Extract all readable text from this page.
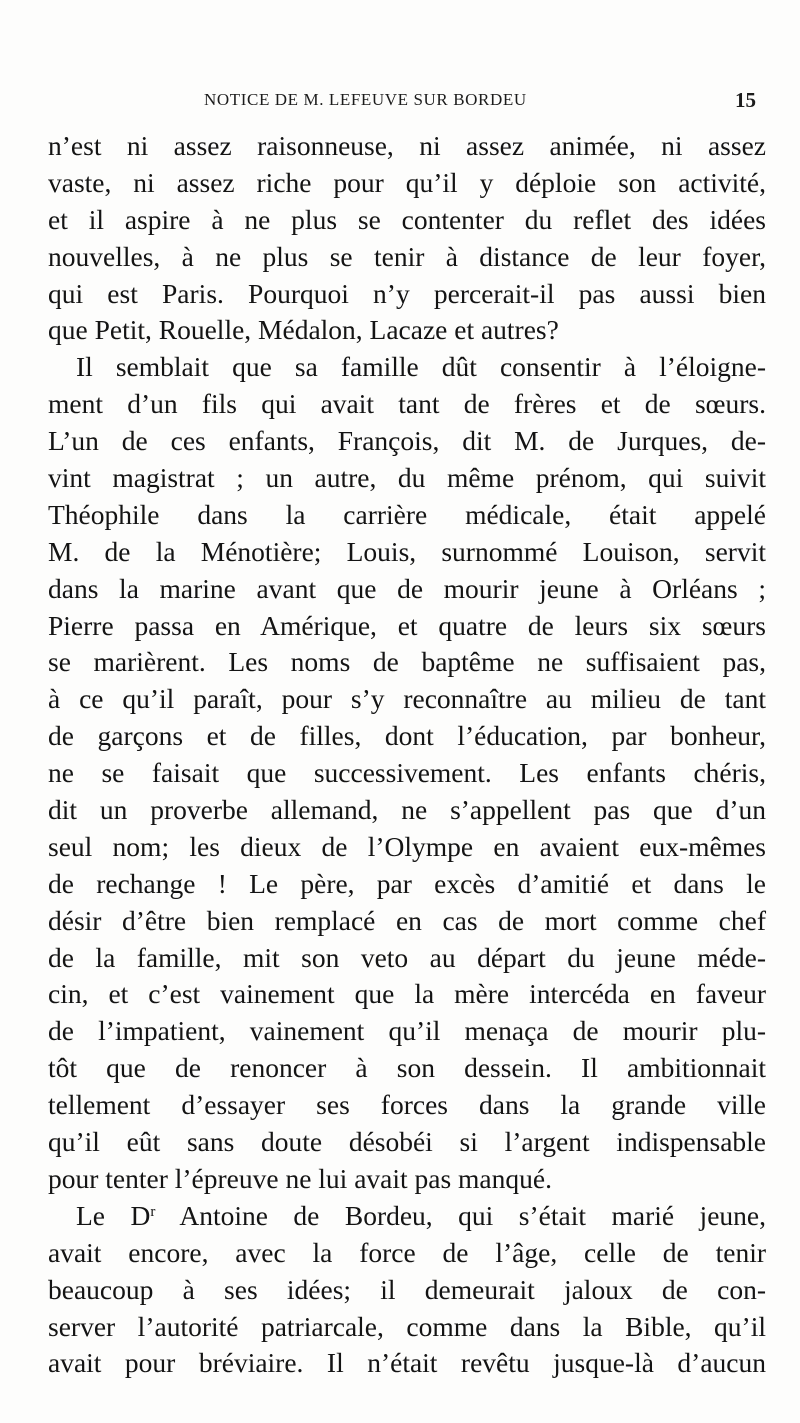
NOTICE DE M. LEFEUVE SUR BORDEU	15
n’est ni assez raisonneuse, ni assez animée, ni assez
vaste, ni assez riche pour qu’il y déploie son activité,
et il aspire à ne plus se contenter du reflet des idées
nouvelles, à ne plus se tenir à distance de leur foyer,
qui est Paris. Pourquoi n’y percerait-il pas aussi bien
que Petit, Rouelle, Médalon, Lacaze et autres?
Il semblait que sa famille dût consentir à l’éloigne-
ment d’un fils qui avait tant de frères et de sœurs.
L’un de ces enfants, François, dit M. de Jurques, de-
vint magistrat ; un autre, du même prénom, qui suivit
Théophile dans la carrière médicale, était appelé
M. de la Ménotière; Louis, surnommé Louison, servit
dans la marine avant que de mourir jeune à Orléans ;
Pierre passa en Amérique, et quatre de leurs six sœurs
se marièrent. Les noms de baptême ne suffisaient pas,
à ce qu’il paraît, pour s’y reconnaître au milieu de tant
de garçons et de filles, dont l’éducation, par bonheur,
ne se faisait que successivement. Les enfants chéris,
dit un proverbe allemand, ne s’appellent pas que d’un
seul nom; les dieux de l’Olympe en avaient eux-mêmes
de rechange ! Le père, par excès d’amitié et dans le
désir d’être bien remplacé en cas de mort comme chef
de la famille, mit son veto au départ du jeune méde-
cin, et c’est vainement que la mère intercéda en faveur
de l’impatient, vainement qu’il menaça de mourir plu-
tôt que de renoncer à son dessein. Il ambitionnait
tellement d’essayer ses forces dans la grande ville
qu’il eût sans doute désobéi si l’argent indispensable
pour tenter l’épreuve ne lui avait pas manqué.
Le $D^r$ Antoine de Bordeu, qui s’était marié jeune,
avait encore, avec la force de l’âge, celle de tenir
beaucoup à ses idées; il demeurait jaloux de con-
server l’autorité patriarcale, comme dans la Bible, qu’il
avait pour bréviaire. Il n’était revêtu jusque-là d’aucun
